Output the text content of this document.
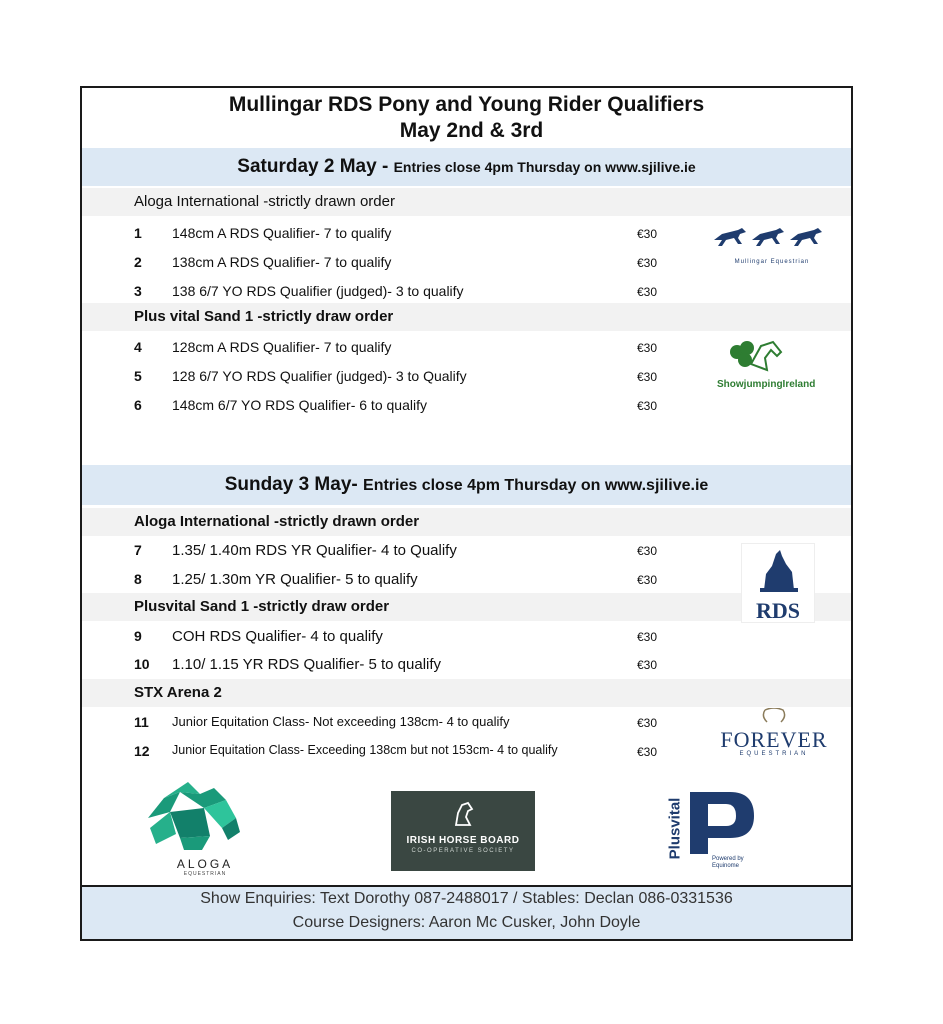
Mullingar RDS Pony and Young Rider Qualifiers
May 2nd & 3rd
Saturday 2 May - Entries close 4pm Thursday on www.sjilive.ie
Aloga International -strictly drawn order
1 148cm A RDS Qualifier- 7 to qualify	€30
2 138cm A RDS Qualifier- 7 to qualify	€30
3 138 6/7 YO RDS Qualifier (judged)- 3 to qualify	€30
Plus vital Sand 1 -strictly draw order
4 128cm A RDS Qualifier- 7 to qualify	€30
5 128 6/7 YO RDS Qualifier (judged)- 3 to Qualify	€30
6 148cm 6/7 YO RDS Qualifier- 6 to qualify	€30
Sunday 3 May- Entries close 4pm Thursday on www.sjilive.ie
Aloga International -strictly drawn order
7 1.35/ 1.40m RDS YR Qualifier- 4 to Qualify	€30
8 1.25/ 1.30m YR Qualifier- 5 to qualify	€30
Plusvital Sand 1 -strictly draw order
9 COH RDS Qualifier- 4 to qualify	€30
10 1.10/ 1.15 YR RDS Qualifier- 5 to qualify	€30
STX Arena 2
11 Junior Equitation Class- Not exceeding 138cm- 4 to qualify	€30
12 Junior Equitation Class- Exceeding 138cm but not 153cm- 4 to qualify	€30
Mullingar Equestrian
ShowjumpingIreland
RDS
FOREVER
EQUESTRIAN
ALOGA
EQUESTRIAN
IRISH HORSE BOARD
CO-OPERATIVE SOCIETY	Plusvital	Powered by Equinome
Show Enquiries: Text Dorothy 087-2488017 / Stables: Declan 086-0331536
Course Designers: Aaron Mc Cusker, John Doyle
